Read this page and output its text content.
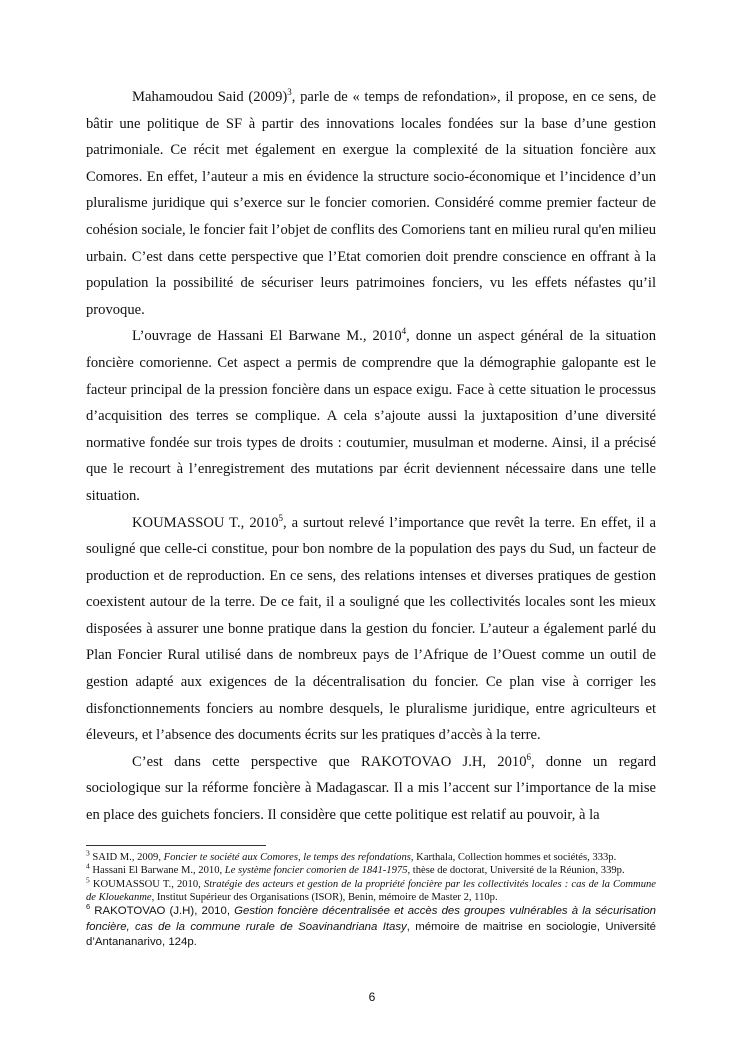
Mahamoudou Said $(2009)^3$, parle de « temps de refondation», il propose, en ce sens, de bâtir une politique de SF à partir des innovations locales fondées sur la base d’une gestion patrimoniale. Ce récit met également en exergue la complexité de la situation foncière aux Comores. En effet, l’auteur a mis en évidence la structure socio-économique et l’incidence d’un pluralisme juridique qui s’exerce sur le foncier comorien. Considéré comme premier facteur de cohésion sociale, le foncier fait l’objet de conflits des Comoriens tant en milieu rural qu'en milieu urbain. C’est dans cette perspective que l’Etat comorien doit prendre conscience en offrant à la population la possibilité de sécuriser leurs patrimoines fonciers, vu les effets néfastes qu’il provoque.

L’ouvrage de Hassani El Barwane M., 2010$^4$, donne un aspect général de la situation foncière comorienne. Cet aspect a permis de comprendre que la démographie galopante est le facteur principal de la pression foncière dans un espace exigu. Face à cette situation le processus d’acquisition des terres se complique. A cela s’ajoute aussi la juxtaposition d’une diversité normative fondée sur trois types de droits : coutumier, musulman et moderne. Ainsi, il a précisé que le recourt à l’enregistrement des mutations par écrit deviennent nécessaire dans une telle situation.

KOUMASSOU T., 2010$^5$, a surtout relevé l’importance que revêt la terre. En effet, il a souligné que celle-ci constitue, pour bon nombre de la population des pays du Sud, un facteur de production et de reproduction. En ce sens, des relations intenses et diverses pratiques de gestion coexistent autour de la terre. De ce fait, il a souligné que les collectivités locales sont les mieux disposées à assurer une bonne pratique dans la gestion du foncier. L’auteur a également parlé du Plan Foncier Rural utilisé dans de nombreux pays de l’Afrique de l’Ouest comme un outil de gestion adapté aux exigences de la décentralisation du foncier. Ce plan vise à corriger les disfonctionnements fonciers au nombre desquels, le pluralisme juridique, entre agriculteurs et éleveurs, et l’absence des documents écrits sur les pratiques d’accès à la terre.

C’est dans cette perspective que RAKOTOVAO J.H, 2010$^6$, donne un regard sociologique sur la réforme foncière à Madagascar. Il a mis l’accent sur l’importance de la mise en place des guichets fonciers. Il considère que cette politique est relatif au pouvoir, à la

$^3$ SAID M., 2009, Foncier te société aux Comores, le temps des refondations, Karthala, Collection hommes et sociétés, 333p.

$^4$ Hassani El Barwane M., 2010, Le système foncier comorien de 1841-1975, thèse de doctorat, Université de la Réunion, 339p.

$^5$ KOUMASSOU T., 2010, Stratégie des acteurs et gestion de la propriété foncière par les collectivités locales : cas de la Commune de Klouekanme, Institut Supérieur des Organisations (ISOR), Benin, mémoire de Master 2, 110p.

$^6$ RAKOTOVAO (J.H), 2010, Gestion foncière décentralisée et accès des groupes vulnérables à la sécurisation foncière, cas de la commune rurale de Soavinandriana Itasy, mémoire de maitrise en sociologie, Université d’Antananarivo, 124p.

6
